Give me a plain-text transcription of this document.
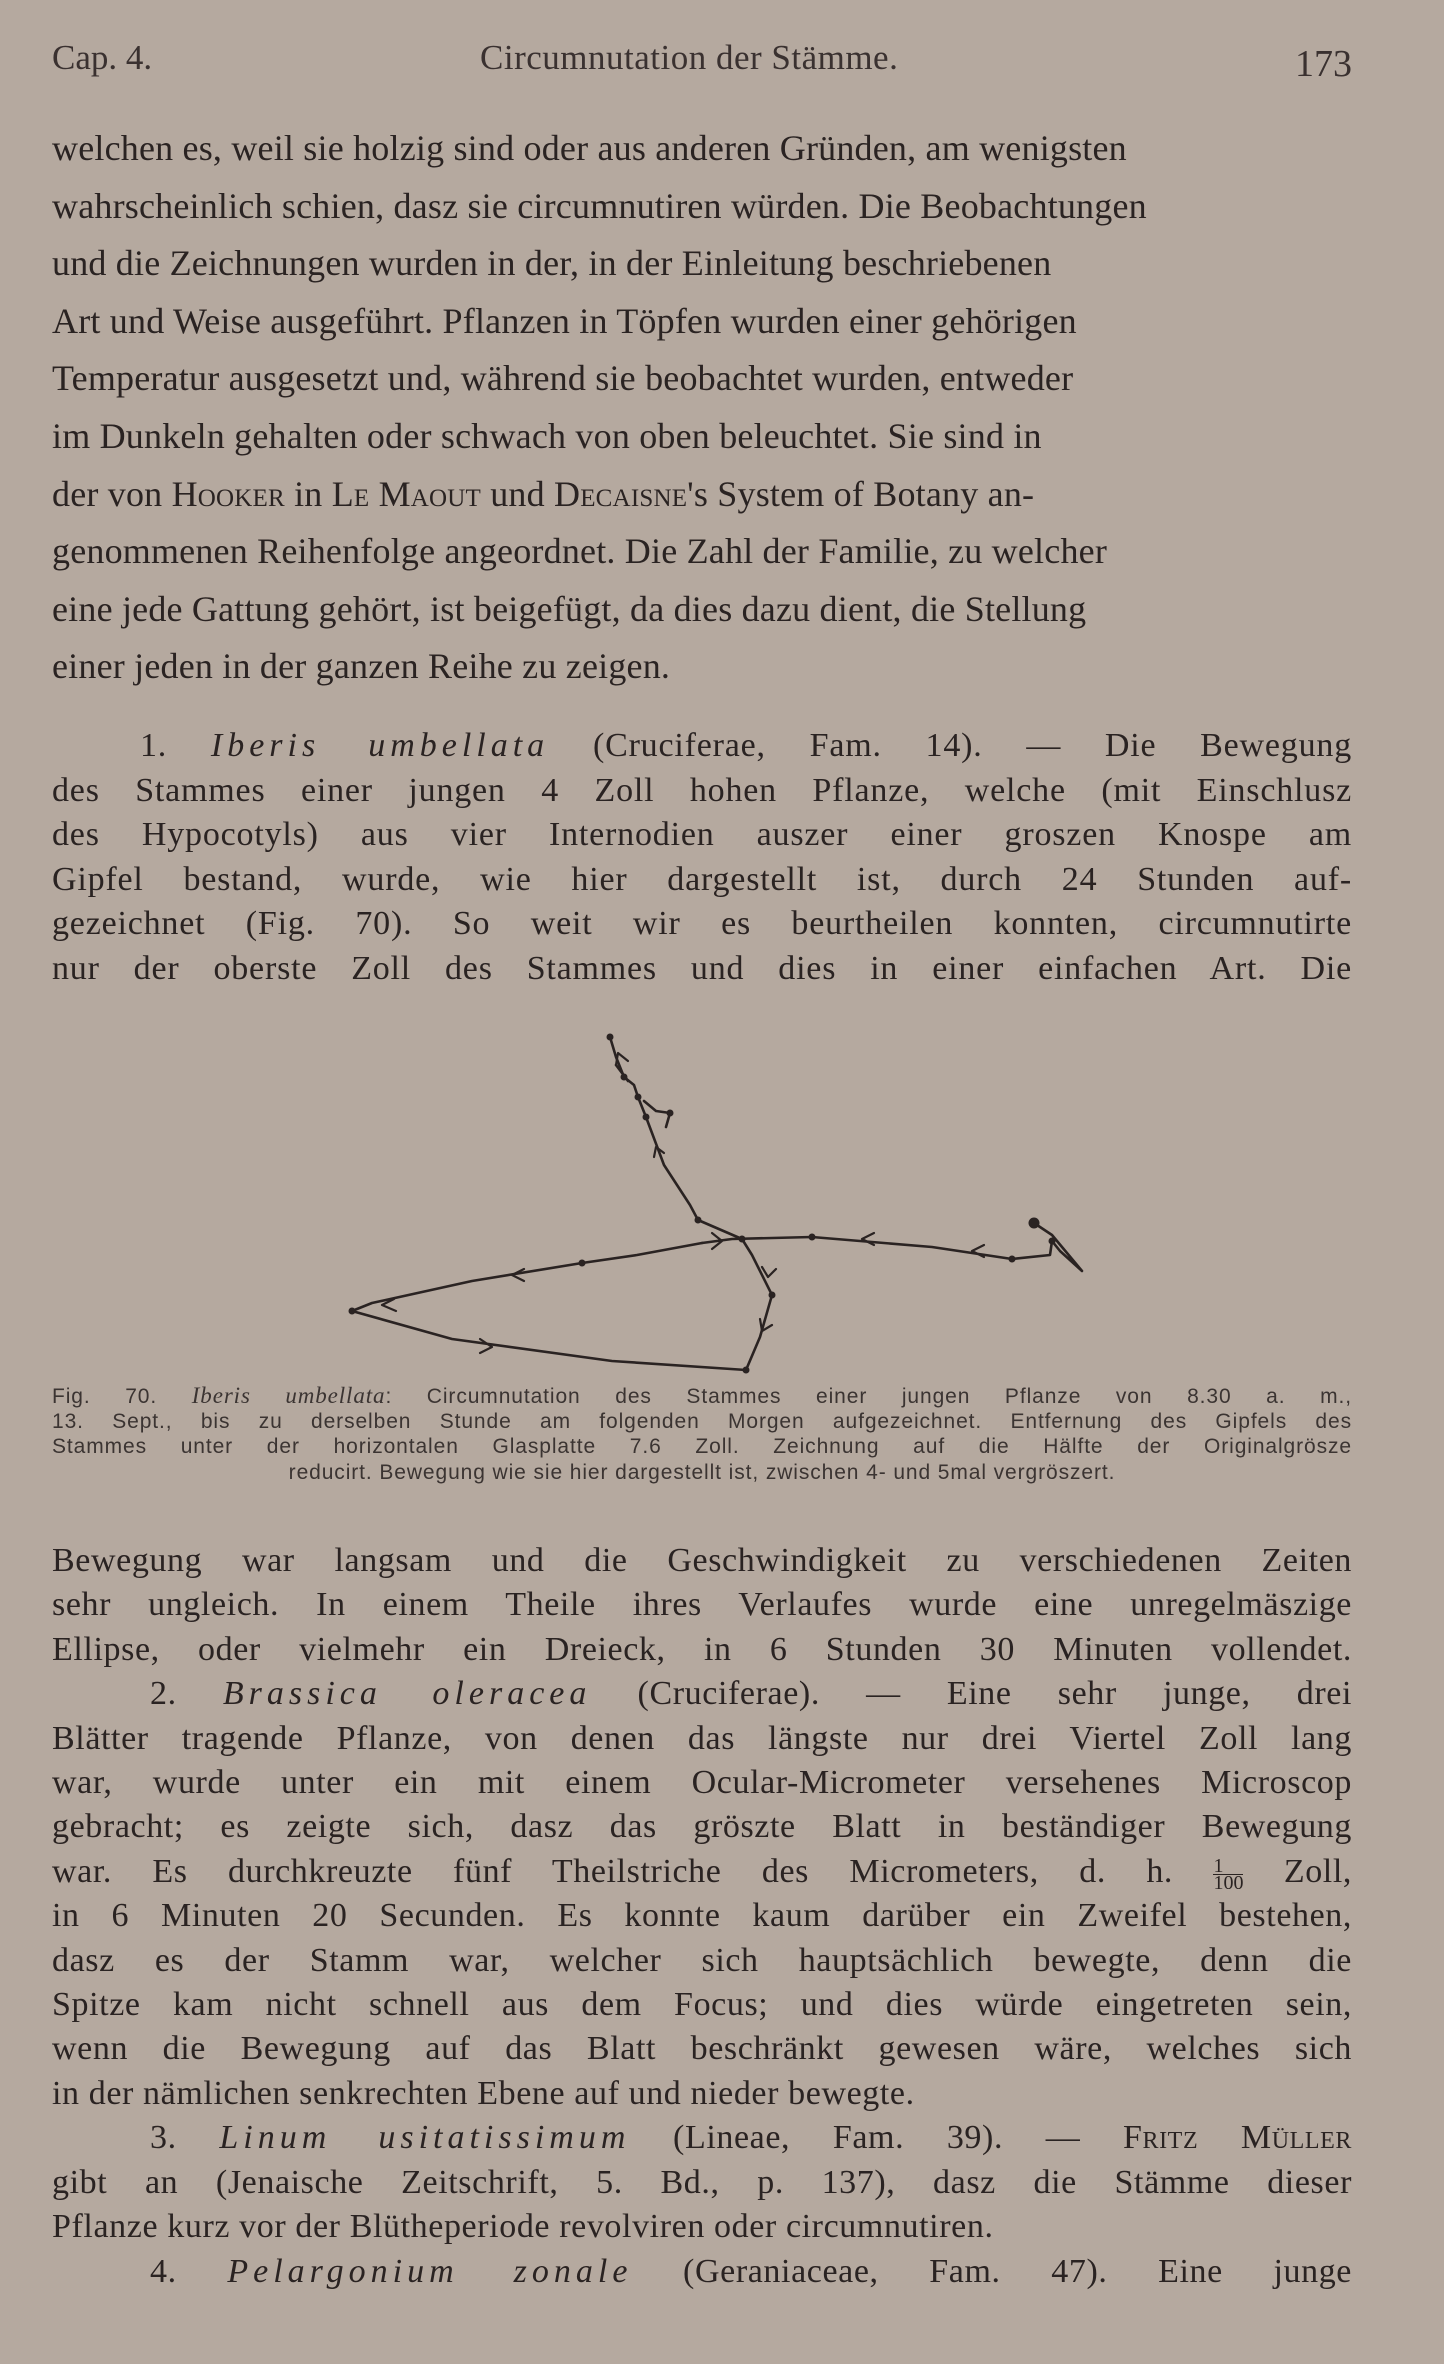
Cap. 4.	Circumnutation der Stämme.	173
welchen es, weil sie holzig sind oder aus anderen Gründen, am wenigsten
wahrscheinlich schien, dasz sie circumnutiren würden. Die Beobachtungen
und die Zeichnungen wurden in der, in der Einleitung beschriebenen
Art und Weise ausgeführt. Pflanzen in Töpfen wurden einer gehörigen
Temperatur ausgesetzt und, während sie beobachtet wurden, entweder
im Dunkeln gehalten oder schwach von oben beleuchtet. Sie sind in
der von Hooker in Le Maout und Decaisne's System of Botany an-
genommenen Reihenfolge angeordnet. Die Zahl der Familie, zu welcher
eine jede Gattung gehört, ist beigefügt, da dies dazu dient, die Stellung
einer jeden in der ganzen Reihe zu zeigen.
1. Iberis umbellata (Cruciferae, Fam. 14). — Die Bewegung
des Stammes einer jungen 4 Zoll hohen Pflanze, welche (mit Einschlusz
des Hypocotyls) aus vier Internodien auszer einer groszen Knospe am
Gipfel bestand, wurde, wie hier dargestellt ist, durch 24 Stunden auf-
gezeichnet (Fig. 70). So weit wir es beurtheilen konnten, circumnutirte
nur der oberste Zoll des Stammes und dies in einer einfachen Art. Die
Fig. 70. Iberis umbellata: Circumnutation des Stammes einer jungen Pflanze von 8.30 a. m.,
13. Sept., bis zu derselben Stunde am folgenden Morgen aufgezeichnet. Entfernung des Gipfels des
Stammes unter der horizontalen Glasplatte 7.6 Zoll. Zeichnung auf die Hälfte der Originalgrösze
reducirt. Bewegung wie sie hier dargestellt ist, zwischen 4- und 5mal vergröszert.
Bewegung war langsam und die Geschwindigkeit zu verschiedenen Zeiten
sehr ungleich. In einem Theile ihres Verlaufes wurde eine unregelmäszige
Ellipse, oder vielmehr ein Dreieck, in 6 Stunden 30 Minuten vollendet.
2. Brassica oleracea (Cruciferae). — Eine sehr junge, drei
Blätter tragende Pflanze, von denen das längste nur drei Viertel Zoll lang
war, wurde unter ein mit einem Ocular-Micrometer versehenes Microscop
gebracht; es zeigte sich, dasz das gröszte Blatt in beständiger Bewegung
war. Es durchkreuzte fünf Theilstriche des Micrometers, d. h. $\frac{1}{100}$ Zoll,
in 6 Minuten 20 Secunden. Es konnte kaum darüber ein Zweifel bestehen,
dasz es der Stamm war, welcher sich hauptsächlich bewegte, denn die
Spitze kam nicht schnell aus dem Focus; und dies würde eingetreten sein,
wenn die Bewegung auf das Blatt beschränkt gewesen wäre, welches sich
in der nämlichen senkrechten Ebene auf und nieder bewegte.
3. Linum usitatissimum (Lineae, Fam. 39). — Fritz Müller
gibt an (Jenaische Zeitschrift, 5. Bd., p. 137), dasz die Stämme dieser
Pflanze kurz vor der Blütheperiode revolviren oder circumnutiren.
4. Pelargonium zonale (Geraniaceae, Fam. 47). Eine junge
